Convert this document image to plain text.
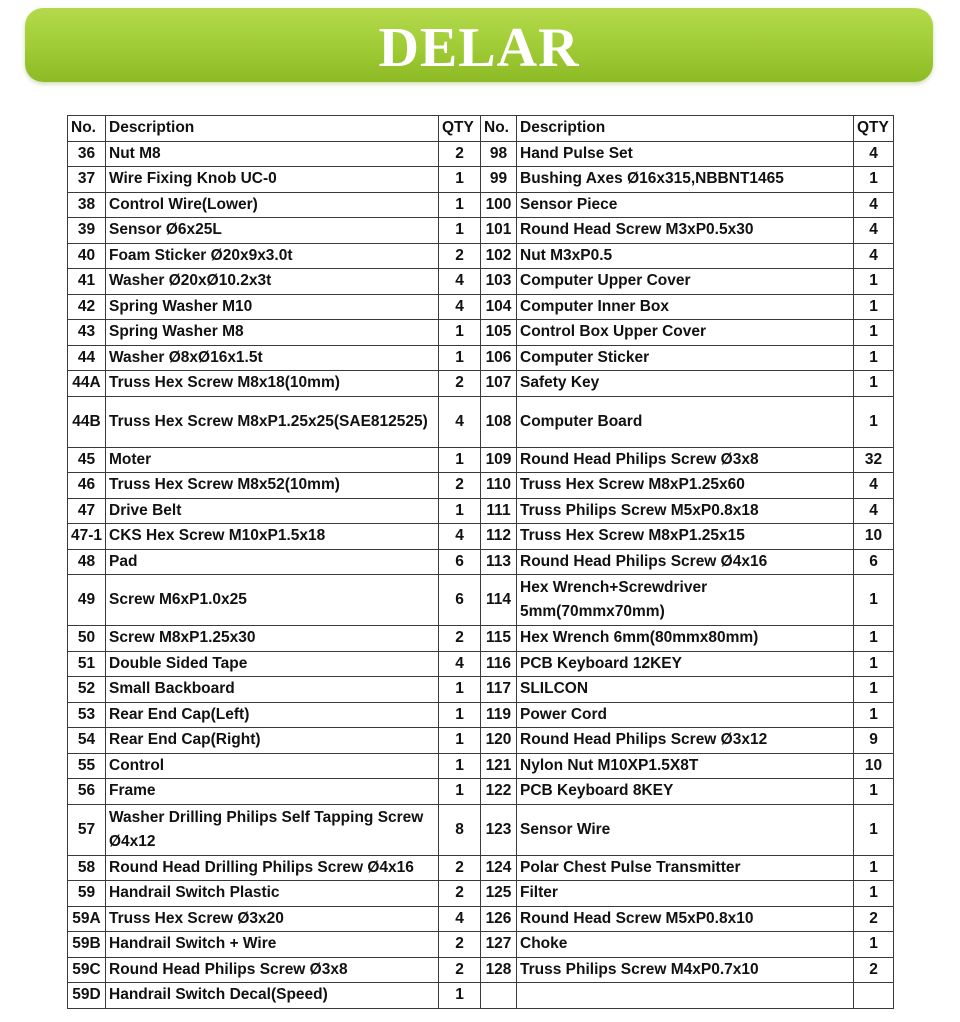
DELAR
No.	Description	QTY	No.	Description	QTY
36	Nut M8	2	98	Hand Pulse Set	4
37	Wire Fixing Knob UC-0	1	99	Bushing Axes Ø16x315,NBBNT1465	1
38	Control Wire(Lower)	1	100	Sensor Piece	4
39	Sensor Ø6x25L	1	101	Round Head Screw M3xP0.5x30	4
40	Foam Sticker Ø20x9x3.0t	2	102	Nut M3xP0.5	4
41	Washer Ø20xØ10.2x3t	4	103	Computer Upper Cover	1
42	Spring Washer M10	4	104	Computer Inner Box	1
43	Spring Washer M8	1	105	Control Box Upper Cover	1
44	Washer Ø8xØ16x1.5t	1	106	Computer Sticker	1
44A	Truss Hex Screw M8x18(10mm)	2	107	Safety Key	1
44B	Truss Hex Screw M8xP1.25x25(SAE812525)	4	108	Computer Board	1
45	Moter	1	109	Round Head Philips Screw Ø3x8	32
46	Truss Hex Screw M8x52(10mm)	2	110	Truss Hex Screw M8xP1.25x60	4
47	Drive Belt	1	111	Truss Philips Screw M5xP0.8x18	4
47-1	CKS Hex Screw M10xP1.5x18	4	112	Truss Hex Screw M8xP1.25x15	10
48	Pad	6	113	Round Head Philips Screw Ø4x16	6
49	Screw M6xP1.0x25	6	114	Hex Wrench+Screwdriver 5mm(70mmx70mm)	1
50	Screw M8xP1.25x30	2	115	Hex Wrench 6mm(80mmx80mm)	1
51	Double Sided Tape	4	116	PCB Keyboard 12KEY	1
52	Small Backboard	1	117	SLILCON	1
53	Rear End Cap(Left)	1	119	Power Cord	1
54	Rear End Cap(Right)	1	120	Round Head Philips Screw Ø3x12	9
55	Control	1	121	Nylon Nut M10XP1.5X8T	10
56	Frame	1	122	PCB Keyboard 8KEY	1
57	Washer Drilling Philips Self Tapping Screw Ø4x12	8	123	Sensor Wire	1
58	Round Head Drilling Philips Screw Ø4x16	2	124	Polar Chest Pulse Transmitter	1
59	Handrail Switch Plastic	2	125	Filter	1
59A	Truss Hex Screw Ø3x20	4	126	Round Head Screw M5xP0.8x10	2
59B	Handrail Switch + Wire	2	127	Choke	1
59C	Round Head Philips Screw Ø3x8	2	128	Truss Philips Screw M4xP0.7x10	2
59D	Handrail Switch Decal(Speed)	1			
